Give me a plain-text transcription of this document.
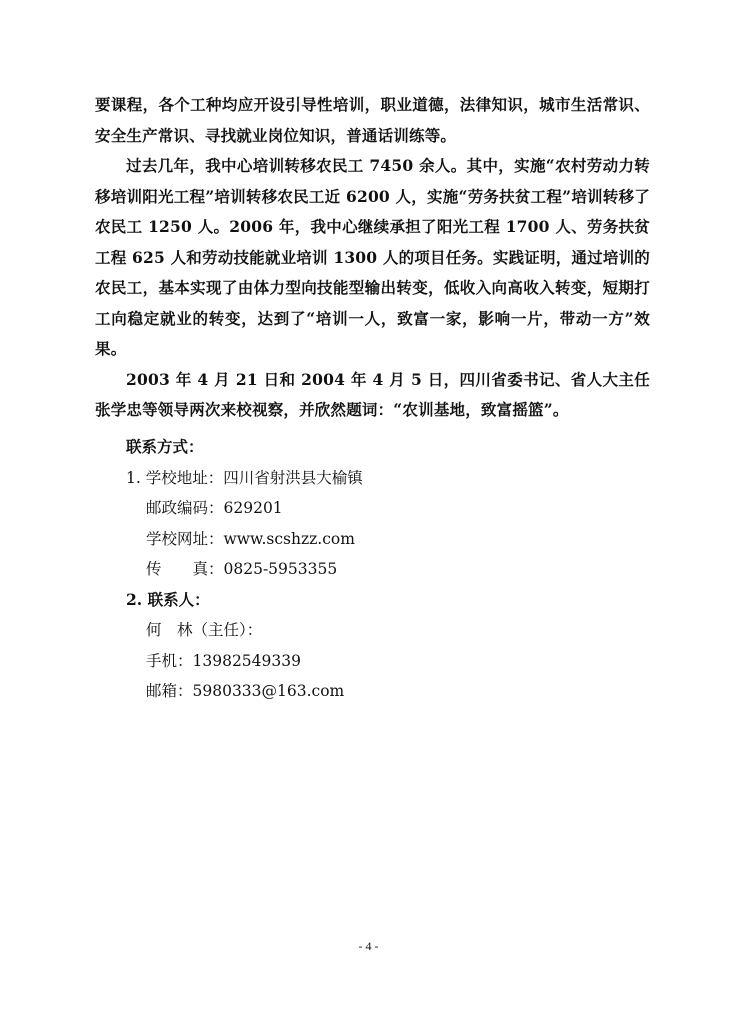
要课程，各个工种均应开设引导性培训，职业道德，法律知识，城市生活常识、安全生产常识、寻找就业岗位知识，普通话训练等。

过去几年，我中心培训转移农民工 7450 余人。其中，实施“农村劳动力转移培训阳光工程”培训转移农民工近 6200 人，实施“劳务扶贫工程”培训转移了农民工 1250 人。2006 年，我中心继续承担了阳光工程 1700 人、劳务扶贫工程 625 人和劳动技能就业培训 1300 人的项目任务。实践证明，通过培训的农民工，基本实现了由体力型向技能型输出转变，低收入向高收入转变，短期打工向稳定就业的转变，达到了“培训一人，致富一家，影响一片，带动一方”效果。

2003 年 4 月 21 日和 2004 年 4 月 5 日，四川省委书记、省人大主任张学忠等领导两次来校视察，并欣然题词：“农训基地，致富摇篮”。

联系方式：
1. 学校地址：四川省射洪县大榆镇
邮政编码：629201
学校网址：www.scshzz.com
传　　真：0825-5953355
2. 联系人：
何　林（主任）：
手机：13982549339
邮箱：5980333@163.com
- 4 -
